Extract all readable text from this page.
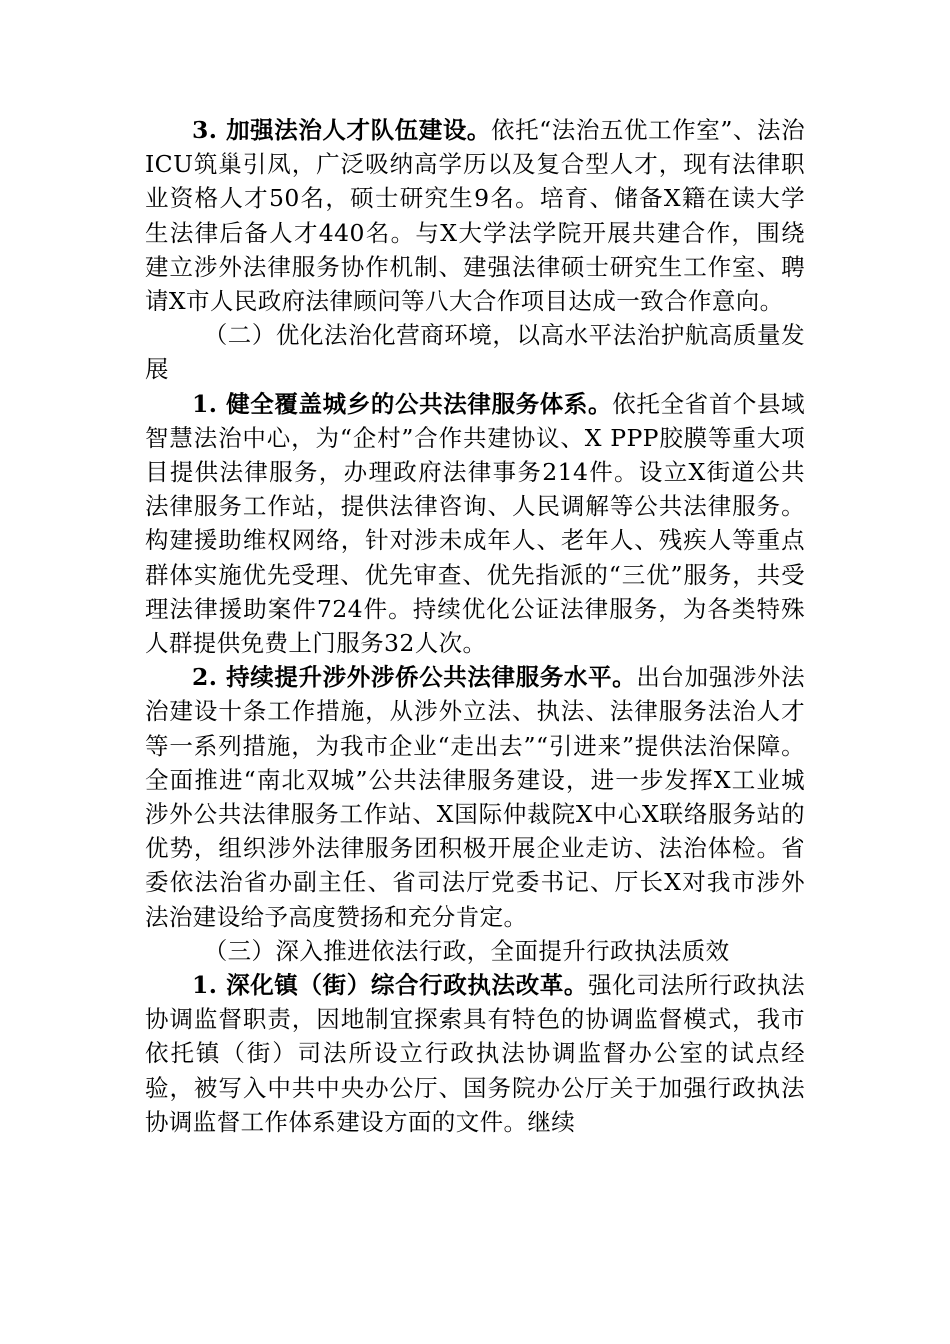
3. 加强法治人才队伍建设。依托“法治五优工作室”、法治ICU筑巢引凤，广泛吸纳高学历以及复合型人才，现有法律职业资格人才50名，硕士研究生9名。培育、储备X籍在读大学生法律后备人才440名。与X大学法学院开展共建合作，围绕建立涉外法律服务协作机制、建强法律硕士研究生工作室、聘请X市人民政府法律顾问等八大合作项目达成一致合作意向。

（二）优化法治化营商环境，以高水平法治护航高质量发展

1. 健全覆盖城乡的公共法律服务体系。依托全省首个县域智慧法治中心，为“企村”合作共建协议、X PPP胶膜等重大项目提供法律服务，办理政府法律事务214件。设立X街道公共法律服务工作站，提供法律咨询、人民调解等公共法律服务。构建援助维权网络，针对涉未成年人、老年人、残疾人等重点群体实施优先受理、优先审查、优先指派的“三优”服务，共受理法律援助案件724件。持续优化公证法律服务，为各类特殊人群提供免费上门服务32人次。

2. 持续提升涉外涉侨公共法律服务水平。出台加强涉外法治建设十条工作措施，从涉外立法、执法、法律服务法治人才等一系列措施，为我市企业“走出去”“引进来”提供法治保障。全面推进“南北双城”公共法律服务建设，进一步发挥X工业城涉外公共法律服务工作站、X国际仲裁院X中心X联络服务站的优势，组织涉外法律服务团积极开展企业走访、法治体检。省委依法治省办副主任、省司法厅党委书记、厅长X对我市涉外法治建设给予高度赞扬和充分肯定。

（三）深入推进依法行政，全面提升行政执法质效

1. 深化镇（街）综合行政执法改革。强化司法所行政执法协调监督职责，因地制宜探索具有特色的协调监督模式，我市依托镇（街）司法所设立行政执法协调监督办公室的试点经验，被写入中共中央办公厅、国务院办公厅关于加强行政执法协调监督工作体系建设方面的文件。继续
